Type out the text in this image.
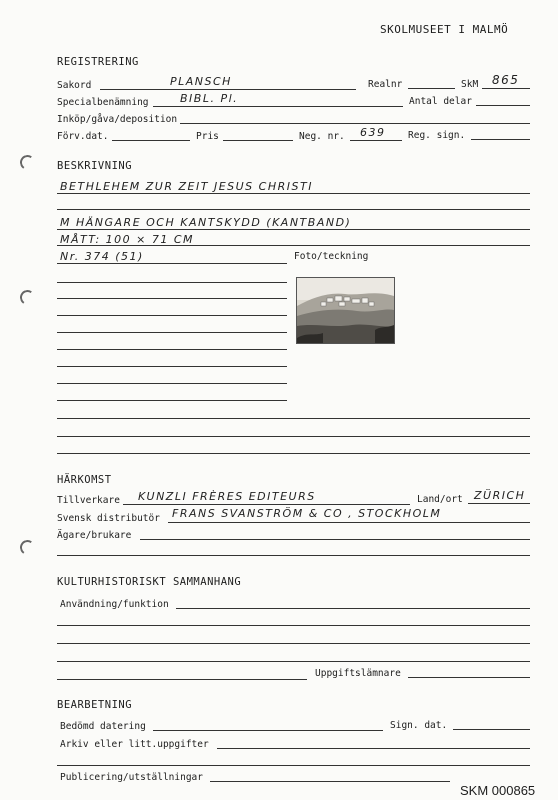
SKOLMUSEET I MALMÖ
REGISTRERING
Sakord	PLANSCH	Realnr	SkM 865
Specialbenämning	BIBL. Pl.	Antal delar
Inköp/gåva/deposition
Förv.dat.	Pris	Neg. nr. 639 Reg. sign.
BESKRIVNING
BETHLEHEM ZUR ZEIT JESUS CHRISTI
M HÄNGARE OCH KANTSKYDD (KANTBAND)
MÅTT: 100 × 71 CM
Nr. 374 (51)	Foto/teckning
HÄRKOMST
Tillverkare KUNZLI FRÈRES EDITEURS	Land/ort ZÜRICH
Svensk distributör FRANS SVANSTRÖM & CO , STOCKHOLM
Ägare/brukare
KULTURHISTORISKT SAMMANHANG
Användning/funktion
Uppgiftslämnare
BEARBETNING
Bedömd datering	Sign. dat.
Arkiv eller litt.uppgifter
Publicering/utställningar
SKM 000865
